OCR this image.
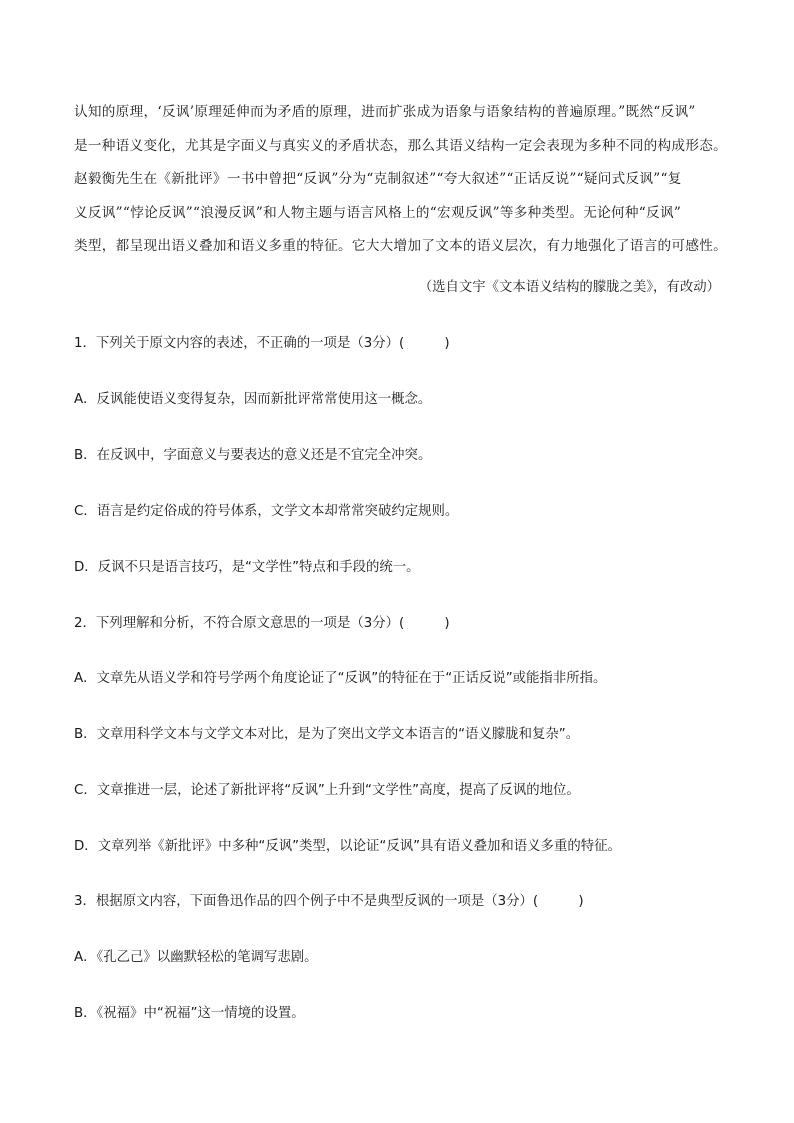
认知的原理，‘反讽’原理延伸而为矛盾的原理，进而扩张成为语象与语象结构的普遍原理。”既然“反讽”
是一种语义变化，尤其是字面义与真实义的矛盾状态，那么其语义结构一定会表现为多种不同的构成形态。
赵毅衡先生在《新批评》一书中曾把“反讽”分为“克制叙述”“夸大叙述”“正话反说”“疑问式反讽”“复
义反讽”“悖论反讽”“浪漫反讽”和人物主题与语言风格上的“宏观反讽”等多种类型。无论何种“反讽”
类型，都呈现出语义叠加和语义多重的特征。它大大增加了文本的语义层次，有力地强化了语言的可感性。
（选自文宇《文本语义结构的朦胧之美》，有改动）
1．下列关于原文内容的表述，不正确的一项是（3分）(　　　)
A．反讽能使语义变得复杂，因而新批评常常使用这一概念。
B．在反讽中，字面意义与要表达的意义还是不宜完全冲突。
C．语言是约定俗成的符号体系，文学文本却常常突破约定规则。
D．反讽不只是语言技巧，是“文学性”特点和手段的统一。
2．下列理解和分析，不符合原文意思的一项是（3分）(　　　)
A．文章先从语义学和符号学两个角度论证了“反讽”的特征在于“正话反说”或能指非所指。
B．文章用科学文本与文学文本对比，是为了突出文学文本语言的“语义朦胧和复杂”。
C．文章推进一层，论述了新批评将“反讽”上升到“文学性”高度，提高了反讽的地位。
D．文章列举《新批评》中多种“反讽”类型，以论证“反讽”具有语义叠加和语义多重的特征。
3．根据原文内容，下面鲁迅作品的四个例子中不是典型反讽的一项是（3分）(　　　)
A．《孔乙己》以幽默轻松的笔调写悲剧。
B．《祝福》中“祝福”这一情境的设置。
